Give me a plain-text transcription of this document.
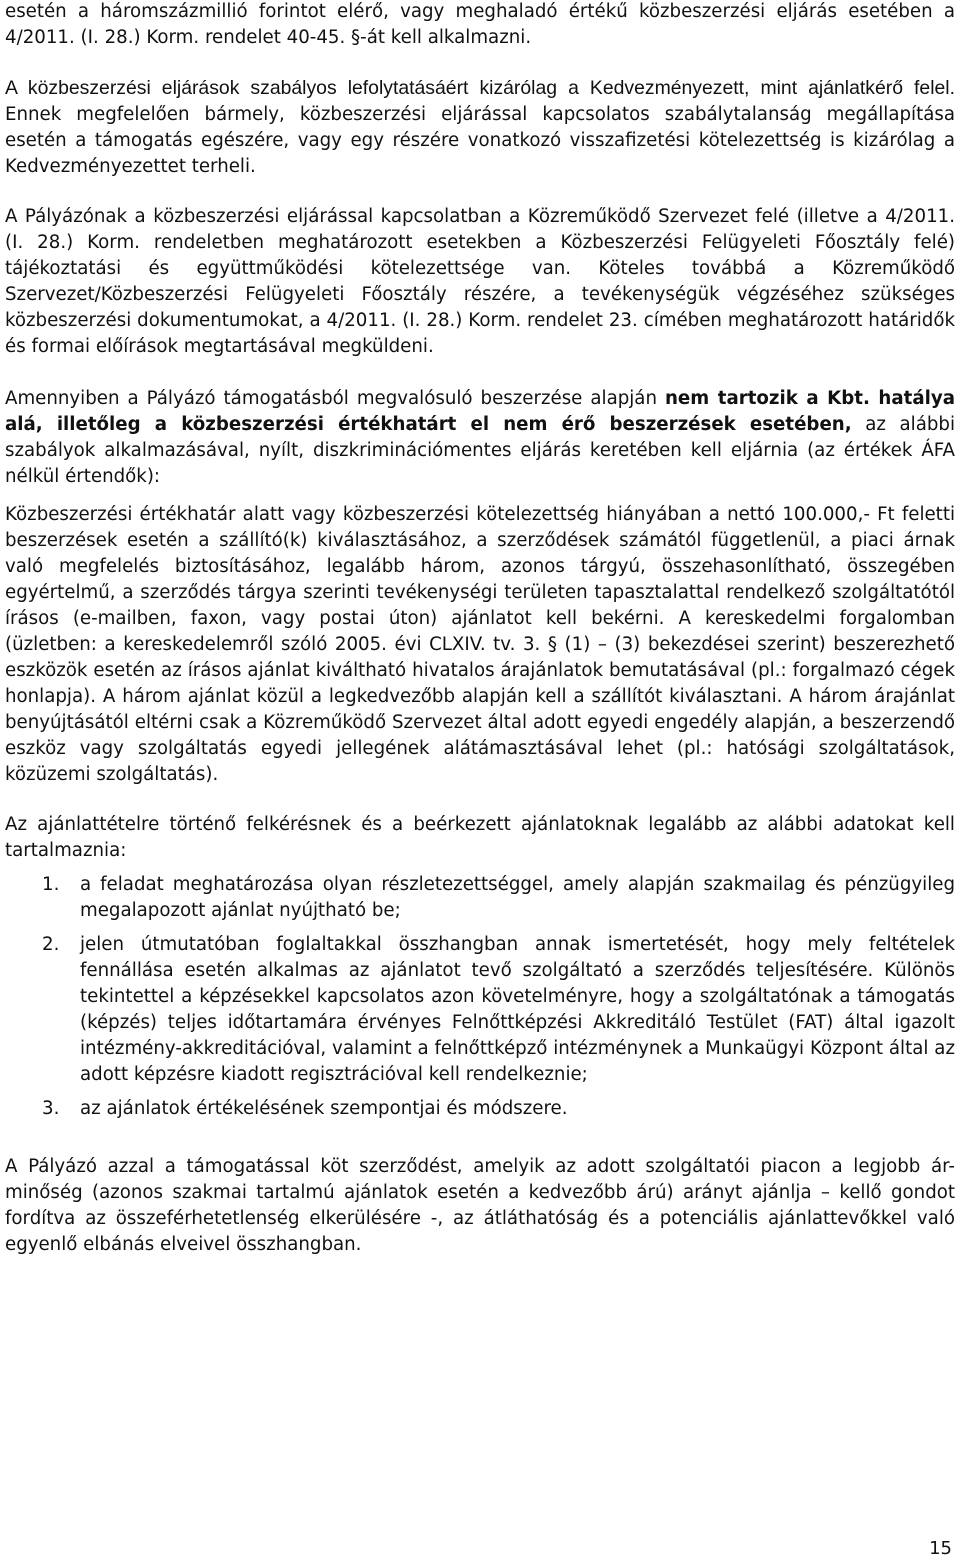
esetén a háromszázmillió forintot elérő, vagy meghaladó értékű közbeszerzési eljárás esetében a 4/2011. (I. 28.) Korm. rendelet 40-45. §-át kell alkalmazni.

A közbeszerzési eljárások szabályos lefolytatásáért kizárólag a Kedvezményezett, mint ajánlatkérő felel. Ennek megfelelően bármely, közbeszerzési eljárással kapcsolatos szabálytalanság megállapítása esetén a támogatás egészére, vagy egy részére vonatkozó visszafizetési kötelezettség is kizárólag a Kedvezményezettet terheli.

A Pályázónak a közbeszerzési eljárással kapcsolatban a Közreműködő Szervezet felé (illetve a 4/2011. (I. 28.) Korm. rendeletben meghatározott esetekben a Közbeszerzési Felügyeleti Főosztály felé) tájékoztatási és együttműködési kötelezettsége van. Köteles továbbá a Közreműködő Szervezet/Közbeszerzési Felügyeleti Főosztály részére, a tevékenységük végzéséhez szükséges közbeszerzési dokumentumokat, a 4/2011. (I. 28.) Korm. rendelet 23. címében meghatározott határidők és formai előírások megtartásával megküldeni.

Amennyiben a Pályázó támogatásból megvalósuló beszerzése alapján nem tartozik a Kbt. hatálya alá, illetőleg a közbeszerzési értékhatárt el nem érő beszerzések esetében, az alábbi szabályok alkalmazásával, nyílt, diszkriminációmentes eljárás keretében kell eljárnia (az értékek ÁFA nélkül értendők):

Közbeszerzési értékhatár alatt vagy közbeszerzési kötelezettség hiányában a nettó 100.000,- Ft feletti beszerzések esetén a szállító(k) kiválasztásához, a szerződések számától függetlenül, a piaci árnak való megfelelés biztosításához, legalább három, azonos tárgyú, összehasonlítható, összegében egyértelmű, a szerződés tárgya szerinti tevékenységi területen tapasztalattal rendelkező szolgáltatótól írásos (e-mailben, faxon, vagy postai úton) ajánlatot kell bekérni. A kereskedelmi forgalomban (üzletben: a kereskedelemről szóló 2005. évi CLXIV. tv. 3. § (1) – (3) bekezdései szerint) beszerezhető eszközök esetén az írásos ajánlat kiváltható hivatalos árajánlatok bemutatásával (pl.: forgalmazó cégek honlapja). A három ajánlat közül a legkedvezőbb alapján kell a szállítót kiválasztani. A három árajánlat benyújtásától eltérni csak a Közreműködő Szervezet által adott egyedi engedély alapján, a beszerzendő eszköz vagy szolgáltatás egyedi jellegének alátámasztásával lehet (pl.: hatósági szolgáltatások, közüzemi szolgáltatás).

Az ajánlattételre történő felkérésnek és a beérkezett ajánlatoknak legalább az alábbi adatokat kell tartalmaznia:

1. a feladat meghatározása olyan részletezettséggel, amely alapján szakmailag és pénzügyileg megalapozott ajánlat nyújtható be;
2. jelen útmutatóban foglaltakkal összhangban annak ismertetését, hogy mely feltételek fennállása esetén alkalmas az ajánlatot tevő szolgáltató a szerződés teljesítésére. Különös tekintettel a képzésekkel kapcsolatos azon követelményre, hogy a szolgáltatónak a támogatás (képzés) teljes időtartamára érvényes Felnőttképzési Akkreditáló Testület (FAT) által igazolt intézmény-akkreditációval, valamint a felnőttképző intézménynek a Munkaügyi Központ által az adott képzésre kiadott regisztrációval kell rendelkeznie;
3. az ajánlatok értékelésének szempontjai és módszere.

A Pályázó azzal a támogatással köt szerződést, amelyik az adott szolgáltatói piacon a legjobb ár-minőség (azonos szakmai tartalmú ajánlatok esetén a kedvezőbb árú) arányt ajánlja – kellő gondot fordítva az összeférhetetlenség elkerülésére -, az átláthatóság és a potenciális ajánlattevőkkel való egyenlő elbánás elveivel összhangban.

15
